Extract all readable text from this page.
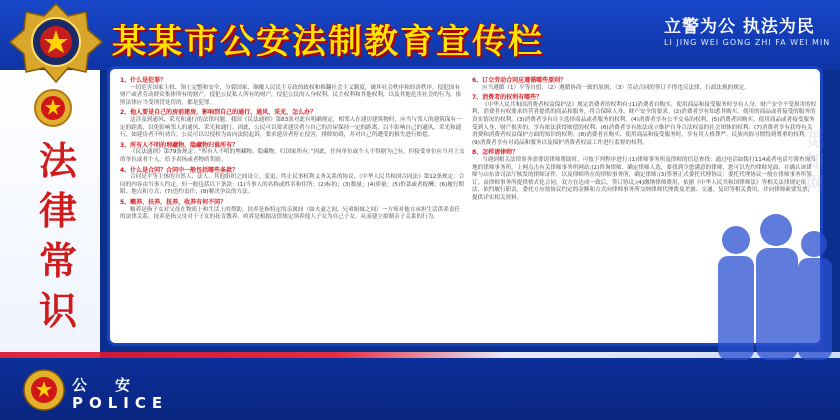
某某市公安法制教育宣传栏	立警为公 执法为民
LI JING WEI GONG ZHI FA WEI MIN
法
律
常
识
1、什么是犯罪？
一切危害国家主权、领土完整和安全，分裂国家、颠覆人民民主专政的政权和推翻社会主义制度，破坏社会秩序和经济秩序，侵犯国有财产或者劳动群众集体所有的财产，侵犯公民私人所有的财产，侵犯公民的人身权利、民主权利和其他权利，以及其他危害社会的行为，依照法律应当受刑罚处罚的，都是犯罪。
2、他人要是自己的房前建房，影响到自己的通行、通风、采光，怎么办？
这涉及到通风、采光和通行的法律问题。我国《民法通则》第83条对此有明确规定，相邻人在建房建筑物时，应当与邻人的建筑保有一定的距离，以免影响邻人的通风、采光和通行。因此，公民可以要求建房者与自己的房屋保持一定的距离，以不影响自己的通风、采光和通行，如建房者不听劝告，公民可以以侵权为由向法院起诉，要求建房者停止侵害，排除妨碍，并对自己所遭受的损失进行赔偿。
3、所有人不明的埋藏物、隐藏物归谁所有？
《民法通则》第79条规定：“所有人不明的埋藏物、隐藏物，归国家所有。”因此，任何单位或个人不得据为己有，但接受单位应当对上交的单位或者个人，给予表扬或者物质奖励。
4、什么是合同？合同中一般包括哪些条款？
合同是平等主体的自然人、法人、其他组织之间设立、变更、终止民事权利义务关系的协议。《中华人民共和国合同法》第12条规定：合同的内容由当事人约定，但一般包括以下条款：(1)当事人的名称或姓名和住所；(2)标的；(3)数量；(4)质量；(5)价款或者报酬；(6)履行期限、地点和方式；(7)违约责任；(8)解决争议的方法。
5、赡养、扶养、抚养，收养有何不同？
赡养是指子女对父母在物质上和生活上的帮助。扶养是指特定的亲属间（如夫妻之间，兄弟姐妹之间）一方须对他方承担生活供养责任的法律关系。抚养是指父母对于子女的抚育教养。收养是根据法律规定领养他人子女为自己子女，从而建立拟制亲子关系的行为。
6、订立劳动合同应遵循哪些原则？
应当遵循（1）平等自愿；（2）遵循协商一致的原则；（3）劳动合同的签订不得违反法律、行政法规的规定。
7、消费者的权利有哪些？
《中华人民共和国消费者权益保护法》规定消费者的权利有:(1)消费者自购买、使用商品和接受服务时享有人身、财产安全不受损害的权利，消费者有权要求经营者提供的商品和服务，符合保障人身、财产安全的要求。(2)消费者享有知悉其购买、使用的商品或者接受的服务的真实情况的权利。(3)消费者享有自主选择商品或者服务的权利。(4)消费者享有公平交易的权利。(5)消费者因购买、使用商品或者接受服务受到人身、财产损害的，享有依法获得赔偿的权利。(6)消费者享有依法成立维护自身合法权益的社会团体的权利。(7)消费者享有获得有关消费和消费者权益保护方面的知识的权利。(8)消费者在购买、使用商品和接受服务时，享有其人格尊严、民族风俗习惯得到尊重的权利。(9)消费者享有对商品和服务以及保护消费者权益工作进行监督的权利。
8、怎样请律师？
当遇到相关法律事务需要请律师帮助时，可按下列程序进行:(1)律师事务所及律师的信息查找：通过电话如拨打114或者电话号簿查询当地的律师事务所，上网点击有关律师事务所网站;(2)咨询律师、确定律师人选，要找到令您满意的律师，您可以先约律师见面，在确认该律师与山东省司法厅核发的律师证件，以及律师所在的律师事务所，确定律师;(3)签署正式委托代理协议：委托代理协议一般在律师事务所签订，由律师事务所提供格式化合同，双方在达成一致后，签订协议;(4)缴纳律师费用，依据《中华人民共和国律师法》等相关法律规定依法、依约履行职责，委托方应按协议约定的金额和方式向律师事务所交纳律师代理费及差旅、交通、复印等相关费用，并向律师索要发票，提供详实相关资料。
觅知网
公安
POLICE
